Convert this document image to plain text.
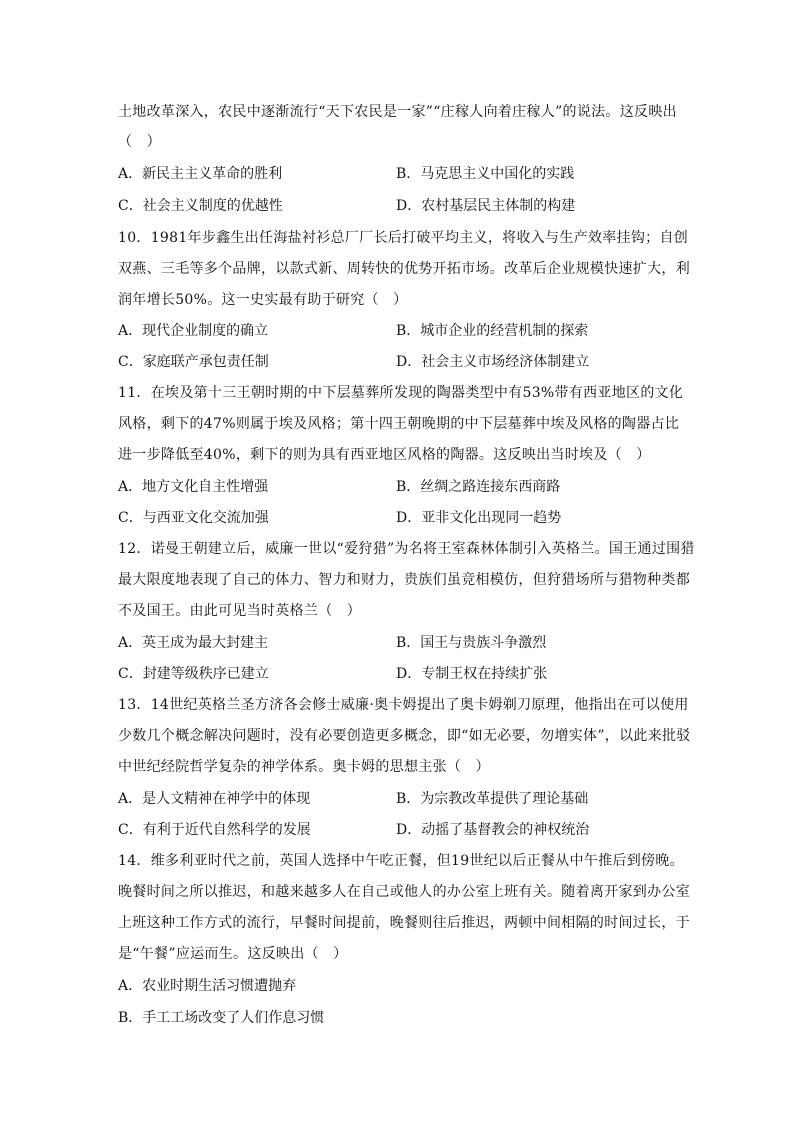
土地改革深入，农民中逐渐流行“天下农民是一家”“庄稼人向着庄稼人”的说法。这反映出
（　）
A．新民主主义革命的胜利	B．马克思主义中国化的实践
C．社会主义制度的优越性	D．农村基层民主体制的构建
10．1981年步鑫生出任海盐衬衫总厂厂长后打破平均主义，将收入与生产效率挂钩；自创
双燕、三毛等多个品牌，以款式新、周转快的优势开拓市场。改革后企业规模快速扩大，利
润年增长50%。这一史实最有助于研究（　）
A．现代企业制度的确立	B．城市企业的经营机制的探索
C．家庭联产承包责任制	D．社会主义市场经济体制建立
11．在埃及第十三王朝时期的中下层墓葬所发现的陶器类型中有53%带有西亚地区的文化
风格，剩下的47%则属于埃及风格；第十四王朝晚期的中下层墓葬中埃及风格的陶器占比
进一步降低至40%，剩下的则为具有西亚地区风格的陶器。这反映出当时埃及（　）
A．地方文化自主性增强	B．丝绸之路连接东西商路
C．与西亚文化交流加强	D．亚非文化出现同一趋势
12．诺曼王朝建立后，威廉一世以“爱狩猎”为名将王室森林体制引入英格兰。国王通过围猎
最大限度地表现了自己的体力、智力和财力，贵族们虽竞相模仿，但狩猎场所与猎物种类都
不及国王。由此可见当时英格兰（　）
A．英王成为最大封建主	B．国王与贵族斗争激烈
C．封建等级秩序已建立	D．专制王权在持续扩张
13．14世纪英格兰圣方济各会修士威廉·奥卡姆提出了奥卡姆剃刀原理，他指出在可以使用
少数几个概念解决问题时，没有必要创造更多概念，即“如无必要，勿增实体”，以此来批驳
中世纪经院哲学复杂的神学体系。奥卡姆的思想主张（　）
A．是人文精神在神学中的体现	B．为宗教改革提供了理论基础
C．有利于近代自然科学的发展	D．动摇了基督教会的神权统治
14．维多利亚时代之前，英国人选择中午吃正餐，但19世纪以后正餐从中午推后到傍晚。
晚餐时间之所以推迟，和越来越多人在自己或他人的办公室上班有关。随着离开家到办公室
上班这种工作方式的流行，早餐时间提前，晚餐则往后推迟，两顿中间相隔的时间过长，于
是“午餐”应运而生。这反映出（　）
A．农业时期生活习惯遭抛弃
B．手工工场改变了人们作息习惯
